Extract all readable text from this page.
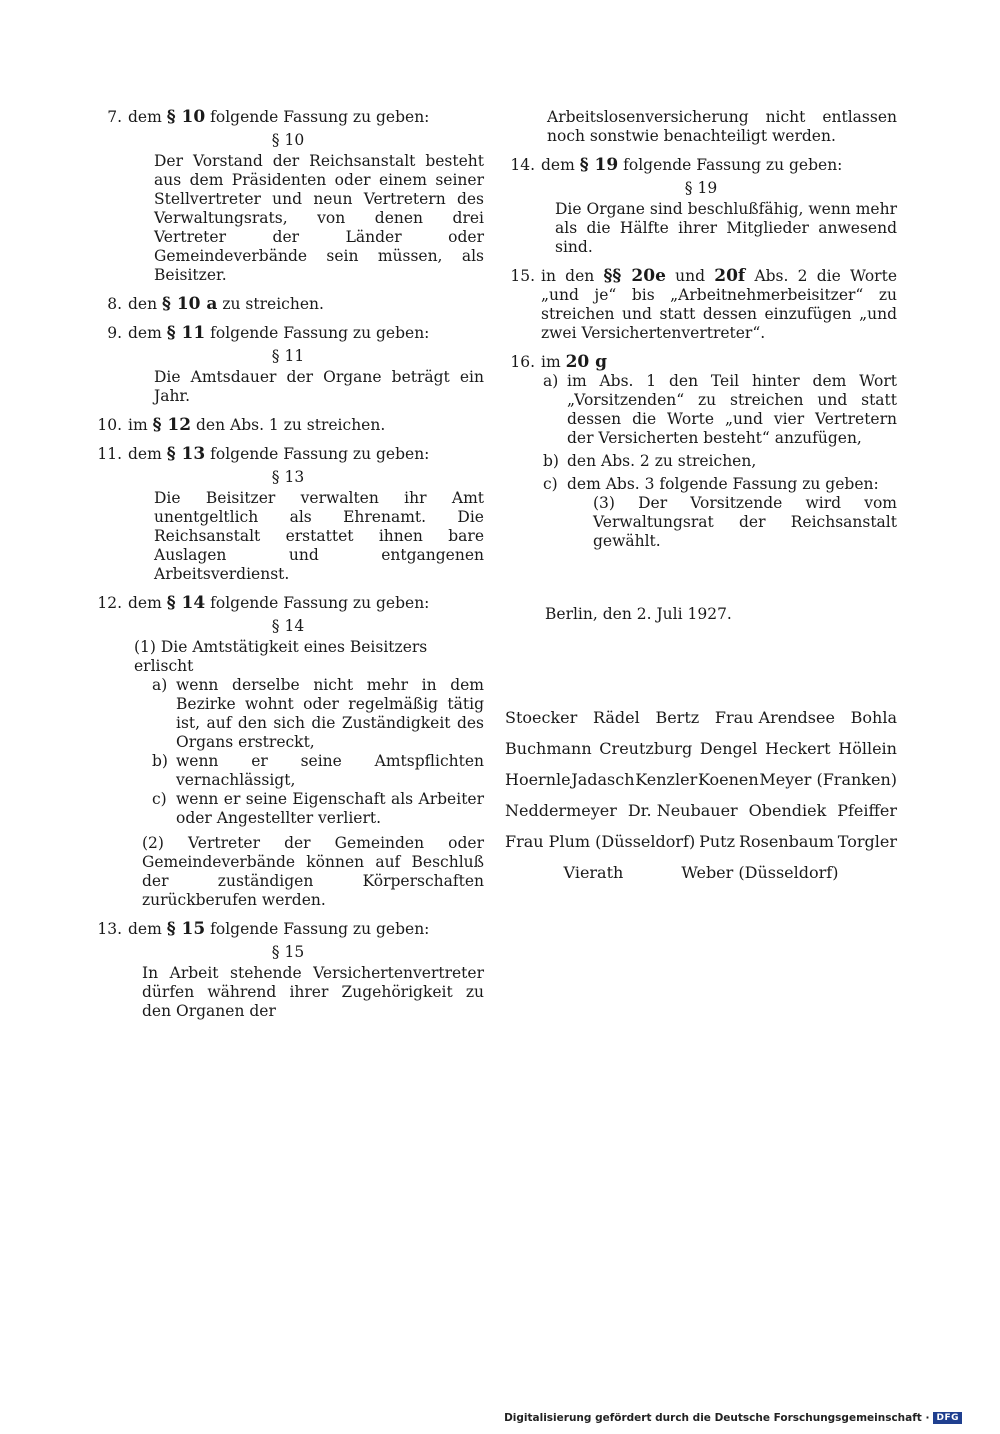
7. dem
§ 10
folgende Fassung zu geben:
§ 10
Der Vorstand der Reichsanstalt besteht aus dem Präsidenten oder einem seiner Stellvertreter und neun Vertretern des Verwaltungsrats, von denen drei Vertreter der Länder oder Gemeindeverbände sein müssen, als Beisitzer.
8. den
§ 10 a
zu streichen.
9. dem
§ 11
folgende Fassung zu geben:
§ 11
Die Amtsdauer der Organe beträgt ein Jahr.
10. im
§ 12
den Abs. 1 zu streichen.
11. dem
§ 13
folgende Fassung zu geben:
§ 13
Die Beisitzer verwalten ihr Amt unentgeltlich als Ehrenamt. Die Reichsanstalt erstattet ihnen bare Auslagen und entgangenen Arbeitsverdienst.
12. dem
§ 14
folgende Fassung zu geben:
§ 14
(1) Die Amtstätigkeit eines Beisitzers erlischt
a) wenn derselbe nicht mehr in dem Bezirke wohnt oder regelmäßig tätig ist, auf den sich die Zuständigkeit des Organs erstreckt,
b) wenn er seine Amtspflichten vernachlässigt,
c) wenn er seine Eigenschaft als Arbeiter oder Angestellter verliert.
(2) Vertreter der Gemeinden oder Gemeindeverbände können auf Beschluß der zuständigen Körperschaften zurückberufen werden.
13. dem
§ 15
folgende Fassung zu geben:
§ 15
In Arbeit stehende Versichertenvertreter dürfen während ihrer Zugehörigkeit zu den Organen der
Arbeitslosenversicherung nicht entlassen noch sonstwie benachteiligt werden.
14. dem
§ 19
folgende Fassung zu geben:
§ 19
Die Organe sind beschlußfähig, wenn mehr als die Hälfte ihrer Mitglieder anwesend sind.
15. in den §§ 20e und 20f Abs. 2 die Worte „und je“ bis „Arbeitnehmerbeisitzer“ zu streichen und statt dessen einzufügen „und zwei Versichertenvertreter“.
16. im
20 g
a) im Abs. 1 den Teil hinter dem Wort „Vorsitzenden“ zu streichen und statt dessen die Worte „und vier Vertretern der Versicherten besteht“ anzufügen,
b) den Abs. 2 zu streichen,
c) dem Abs. 3 folgende Fassung zu geben:
(3) Der Vorsitzende wird vom Verwaltungsrat der Reichsanstalt gewählt.
Berlin, den 2. Juli 1927.
Stoecker Rädel Bertz Frau Arendsee Bohla
Buchmann Creutzburg Dengel Heckert Höllein
Hoernle Jadasch Kenzler Koenen Meyer (Franken)
Neddermeyer Dr. Neubauer Obendiek Pfeiffer
Frau Plum (Düsseldorf) Putz Rosenbaum Torgler
Vierath	Weber (Düsseldorf)
Digitalisierung gefördert durch die Deutsche Forschungsgemeinschaft · DFG
